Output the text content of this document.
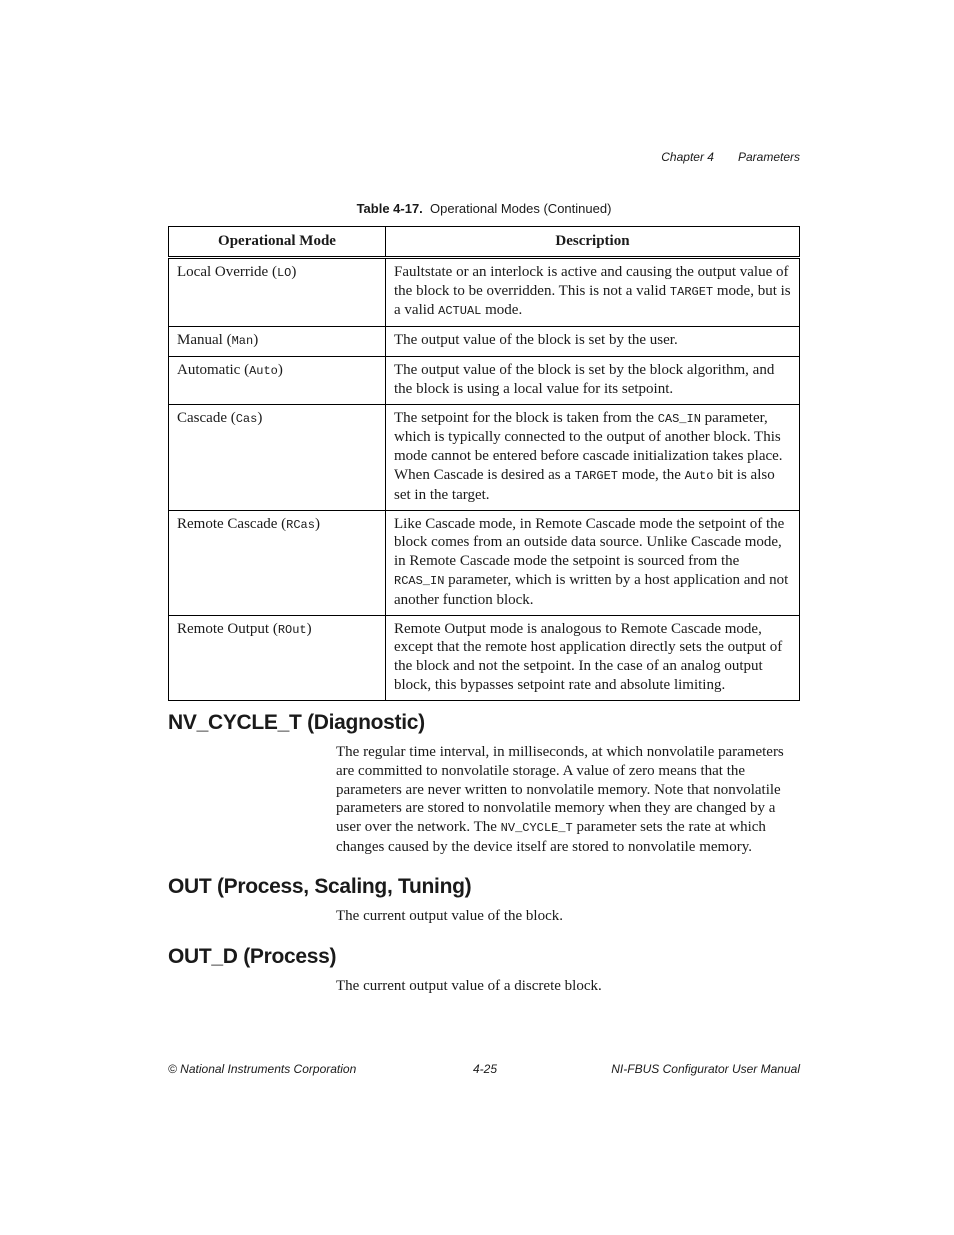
Chapter 4 Parameters
Table 4-17. Operational Modes (Continued)
Operational Mode	Description
Local Override (LO)	Faultstate or an interlock is active and causing the output value of the block to be overridden. This is not a valid TARGET mode, but is a valid ACTUAL mode.
Manual (Man)	The output value of the block is set by the user.
Automatic (Auto)	The output value of the block is set by the block algorithm, and the block is using a local value for its setpoint.
Cascade (Cas)	The setpoint for the block is taken from the CAS_IN parameter, which is typically connected to the output of another block. This mode cannot be entered before cascade initialization takes place. When Cascade is desired as a TARGET mode, the Auto bit is also set in the target.
Remote Cascade (RCas)	Like Cascade mode, in Remote Cascade mode the setpoint of the block comes from an outside data source. Unlike Cascade mode, in Remote Cascade mode the setpoint is sourced from the RCAS_IN parameter, which is written by a host application and not another function block.
Remote Output (ROut)	Remote Output mode is analogous to Remote Cascade mode, except that the remote host application directly sets the output of the block and not the setpoint. In the case of an analog output block, this bypasses setpoint rate and absolute limiting.
NV_CYCLE_T (Diagnostic)

The regular time interval, in milliseconds, at which nonvolatile parameters are committed to nonvolatile storage. A value of zero means that the parameters are never written to nonvolatile memory. Note that nonvolatile parameters are stored to nonvolatile memory when they are changed by a user over the network. The NV_CYCLE_T parameter sets the rate at which changes caused by the device itself are stored to nonvolatile memory.

OUT (Process, Scaling, Tuning)

The current output value of the block.

OUT_D (Process)

The current output value of a discrete block.

© National Instruments Corporation	4-25	NI-FBUS Configurator User Manual
